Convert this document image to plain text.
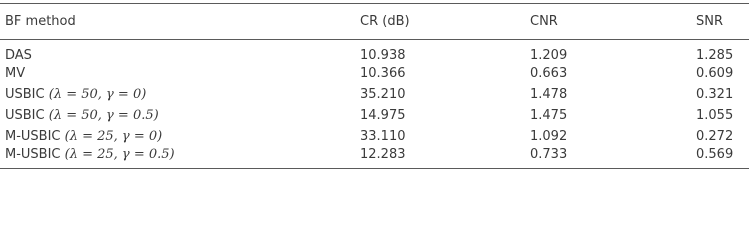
BF method	CR (dB)	CNR	SNR
DAS	10.938	1.209	1.285
MV	10.366	0.663	0.609
USBIC (λ = 50, γ = 0)	35.210	1.478	0.321
USBIC (λ = 50, γ = 0.5)	14.975	1.475	1.055
M-USBIC (λ = 25, γ = 0)	33.110	1.092	0.272
M-USBIC (λ = 25, γ = 0.5)	12.283	0.733	0.569
